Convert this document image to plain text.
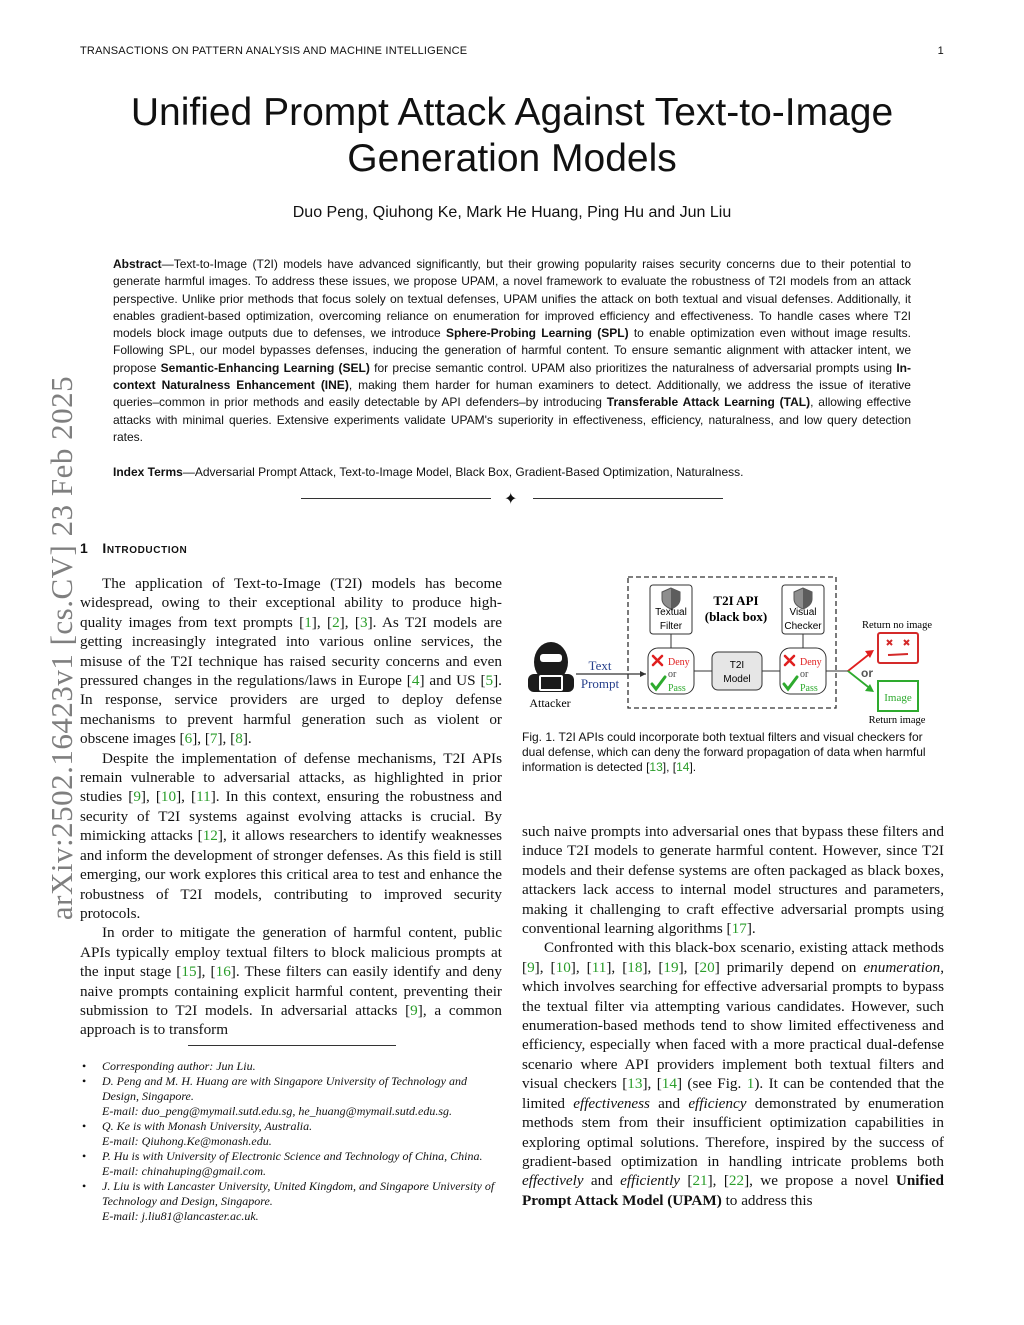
TRANSACTIONS ON PATTERN ANALYSIS AND MACHINE INTELLIGENCE	1
arXiv:2502.16423v1 [cs.CV] 23 Feb 2025
Unified Prompt Attack Against Text-to-Image
Generation Models
Duo Peng, Qiuhong Ke, Mark He Huang, Ping Hu and Jun Liu
Abstract—Text-to-Image (T2I) models have advanced significantly, but their growing popularity raises security concerns due to their potential to generate harmful images. To address these issues, we propose UPAM, a novel framework to evaluate the robustness of T2I models from an attack perspective. Unlike prior methods that focus solely on textual defenses, UPAM unifies the attack on both textual and visual defenses. Additionally, it enables gradient-based optimization, overcoming reliance on enumeration for improved efficiency and effectiveness. To handle cases where T2I models block image outputs due to defenses, we introduce Sphere-Probing Learning (SPL) to enable optimization even without image results. Following SPL, our model bypasses defenses, inducing the generation of harmful content. To ensure semantic alignment with attacker intent, we propose Semantic-Enhancing Learning (SEL) for precise semantic control. UPAM also prioritizes the naturalness of adversarial prompts using In-context Naturalness Enhancement (INE), making them harder for human examiners to detect. Additionally, we address the issue of iterative queries–common in prior methods and easily detectable by API defenders–by introducing Transferable Attack Learning (TAL), allowing effective attacks with minimal queries. Extensive experiments validate UPAM's superiority in effectiveness, efficiency, naturalness, and low query detection rates.
Index Terms—Adversarial Prompt Attack, Text-to-Image Model, Black Box, Gradient-Based Optimization, Naturalness.
✦
1 Introduction

The application of Text-to-Image (T2I) models has become widespread, owing to their exceptional ability to produce high-quality images from text prompts [1], [2], [3]. As T2I models are getting increasingly integrated into various online services, the misuse of the T2I technique has raised security concerns and even pressured changes in the regulations/laws in Europe [4] and US [5]. In response, service providers are urged to deploy defense mechanisms to prevent harmful generation such as violent or obscene images [6], [7], [8].

Despite the implementation of defense mechanisms, T2I APIs remain vulnerable to adversarial attacks, as highlighted in prior studies [9], [10], [11]. In this context, ensuring the robustness and security of T2I systems against evolving attacks is crucial. By mimicking attacks [12], it allows researchers to identify weaknesses and inform the development of stronger defenses. As this field is still emerging, our work explores this critical area to test and enhance the robustness of T2I models, contributing to improved security protocols.

In order to mitigate the generation of harmful content, public APIs typically employ textual filters to block malicious prompts at the input stage [15], [16]. These filters can easily identify and deny naive prompts containing explicit harmful content, preventing their submission to T2I models. In adversarial attacks [9], a common approach is to transform

• Corresponding author: Jun Liu.
• D. Peng and M. H. Huang are with Singapore University of Technology and Design, Singapore.
E-mail: duo_peng@mymail.sutd.edu.sg, he_huang@mymail.sutd.edu.sg.
• Q. Ke is with Monash University, Australia.
E-mail: Qiuhong.Ke@monash.edu.
• P. Hu is with University of Electronic Science and Technology of China, China.
E-mail: chinahuping@gmail.com.
• J. Liu is with Lancaster University, United Kingdom, and Singapore University of Technology and Design, Singapore.
E-mail: j.liu81@lancaster.ac.uk.
T2I API
(black box)
Textual
Filter
Visual
Checker
Deny
or
Pass
T2I
Model
Deny
or
Pass
Attacker
Text
Prompt
or
Return no image
Image
Return image
Fig. 1. T2I APIs could incorporate both textual filters and visual checkers for dual defense, which can deny the forward propagation of data when harmful information is detected [13], [14].

such naive prompts into adversarial ones that bypass these filters and induce T2I models to generate harmful content. However, since T2I models and their defense systems are often packaged as black boxes, attackers lack access to internal model structures and parameters, making it challenging to craft effective adversarial prompts using conventional learning algorithms [17].

Confronted with this black-box scenario, existing attack methods [9], [10], [11], [18], [19], [20] primarily depend on enumeration, which involves searching for effective adversarial prompts to bypass the textual filter via attempting various candidates. However, such enumeration-based methods tend to show limited effectiveness and efficiency, especially when faced with a more practical dual-defense scenario where API providers implement both textual filters and visual checkers [13], [14] (see Fig. 1). It can be contended that the limited effectiveness and efficiency demonstrated by enumeration methods stem from their insufficient optimization capabilities in exploring optimal solutions. Therefore, inspired by the success of gradient-based optimization in handling intricate problems both effectively and efficiently [21], [22], we propose a novel Unified Prompt Attack Model (UPAM) to address this
